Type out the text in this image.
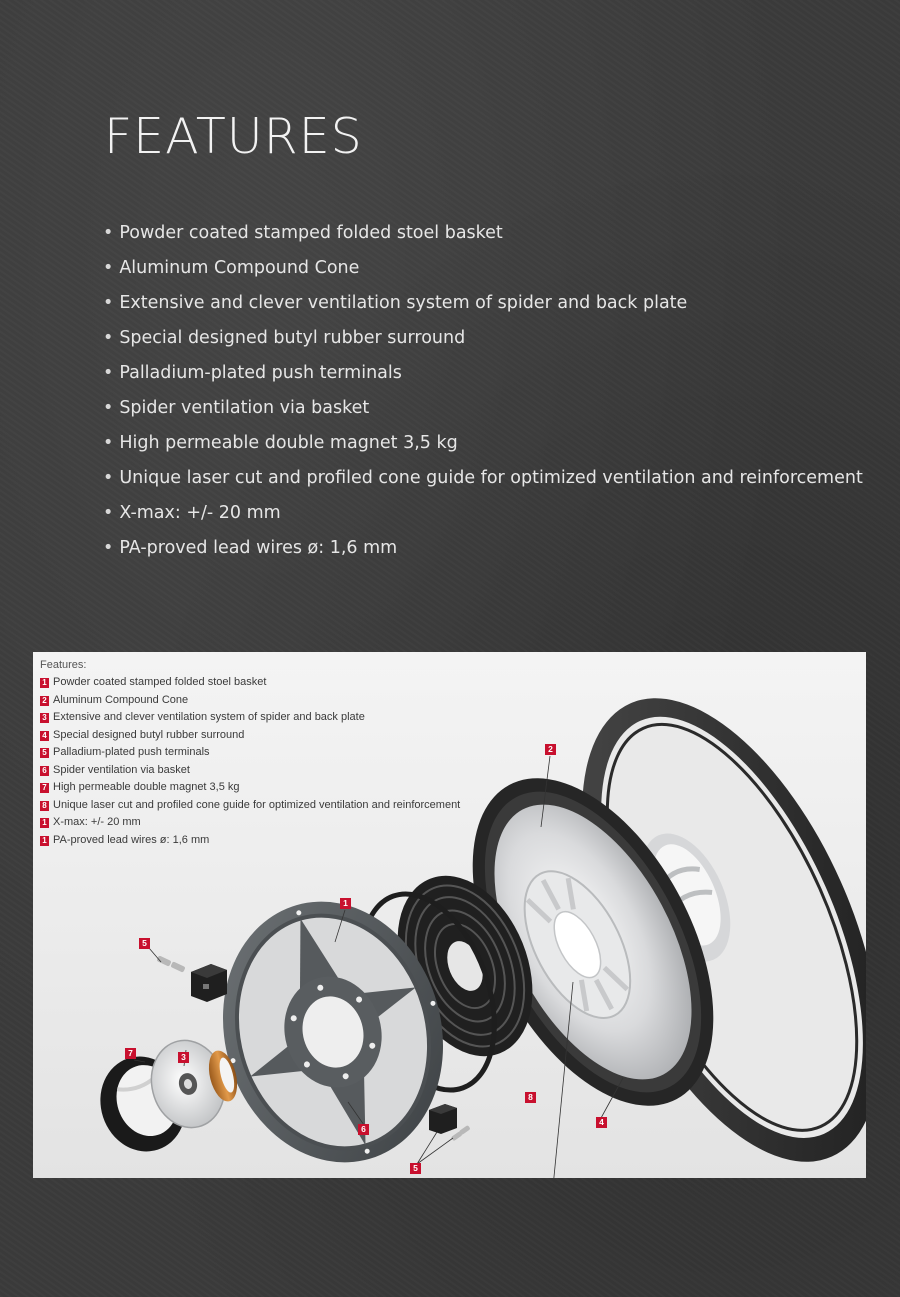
FEATURES
• Powder coated stamped folded stoel basket
• Aluminum Compound Cone
• Extensive and clever ventilation system of spider and back plate
• Special designed butyl rubber surround
• Palladium-plated push terminals
• Spider ventilation via basket
• High permeable double magnet 3,5 kg
• Unique laser cut and profiled cone guide for optimized ventilation and reinforcement
• X-max: +/- 20 mm
• PA-proved lead wires ø: 1,6 mm
Features:
1 Powder coated stamped folded stoel basket
2 Aluminum Compound Cone
3 Extensive and clever ventilation system of spider and back plate
4 Special designed butyl rubber surround
5 Palladium-plated push terminals
6 Spider ventilation via basket
7 High permeable double magnet 3,5 kg
8 Unique laser cut and profiled cone guide for optimized ventilation and reinforcement
1 X-max: +/- 20 mm
1 PA-proved lead wires ø: 1,6 mm
1
2
3
4
5
5
6
7
8
